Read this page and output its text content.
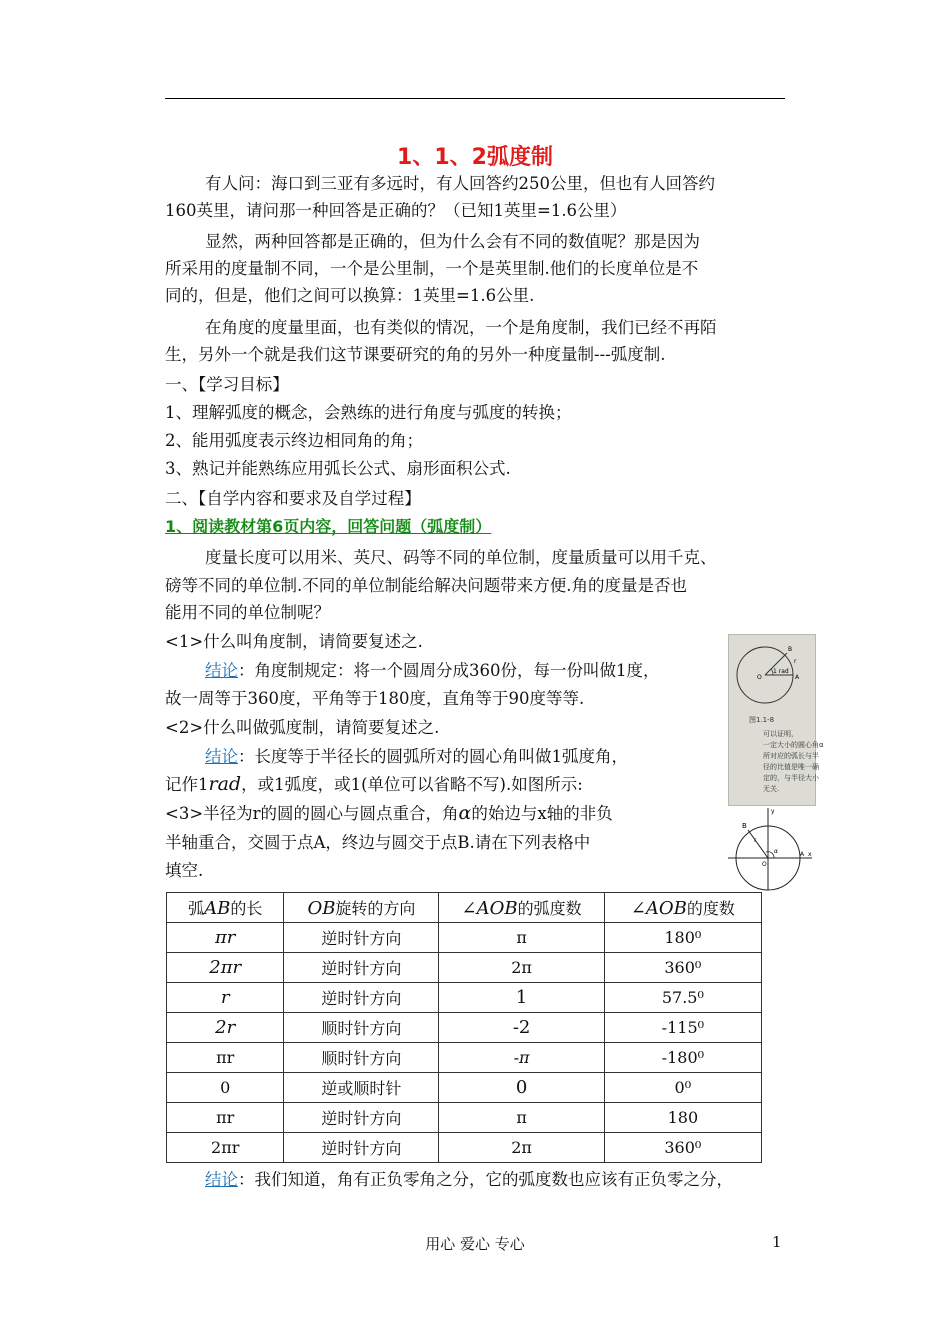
1、1、2弧度制
有人问：海口到三亚有多远时，有人回答约250公里，但也有人回答约
160英里，请问那一种回答是正确的？（已知1英里=1.6公里）
显然，两种回答都是正确的，但为什么会有不同的数值呢？那是因为
所采用的度量制不同，一个是公里制，一个是英里制.他们的长度单位是不
同的，但是，他们之间可以换算：1英里=1.6公里.
在角度的度量里面，也有类似的情况，一个是角度制，我们已经不再陌
生，另外一个就是我们这节课要研究的角的另外一种度量制---弧度制.
一、【学习目标】
1、理解弧度的概念，会熟练的进行角度与弧度的转换；
2、能用弧度表示终边相同角的角；
3、熟记并能熟练应用弧长公式、扇形面积公式.
二、【自学内容和要求及自学过程】
1、阅读教材第6页内容，回答问题（弧度制）
度量长度可以用米、英尺、码等不同的单位制，度量质量可以用千克、
磅等不同的单位制.不同的单位制能给解决问题带来方便.角的度量是否也
能用不同的单位制呢？
<1>什么叫角度制，请简要复述之.
结论：角度制规定：将一个圆周分成360份，每一份叫做1度，
故一周等于360度，平角等于180度，直角等于90度等等.
<2>什么叫做弧度制，请简要复述之.
结论：长度等于半径长的圆弧所对的圆心角叫做1弧度角，
记作1rad，或1弧度，或1(单位可以省略不写).如图所示:
<3>半径为r的圆的圆心与圆点重合，角α的始边与x轴的非负
半轴重合，交圆于点A，终边与圆交于点B.请在下列表格中
填空.
1 rad
O	A
B
r
图1.1-8
可以证明，
一定大小的圆心角α
所对应的弧长与半
径的比值是唯一确
定的，与半径大小
无关.
y
x
B
A
O
r
α
弧AB的长	OB旋转的方向	∠AOB的弧度数	∠AOB的度数
πr	逆时针方向	π	180⁰
2πr	逆时针方向	2π	360⁰
r	逆时针方向	1	57.5⁰
2r	顺时针方向	-2	-115⁰
πr	顺时针方向	-π	-180⁰
0	逆或顺时针	0	0⁰
πr	逆时针方向	π	180
2πr	逆时针方向	2π	360⁰
结论：我们知道，角有正负零角之分，它的弧度数也应该有正负零之分，
用心 爱心 专心	1
